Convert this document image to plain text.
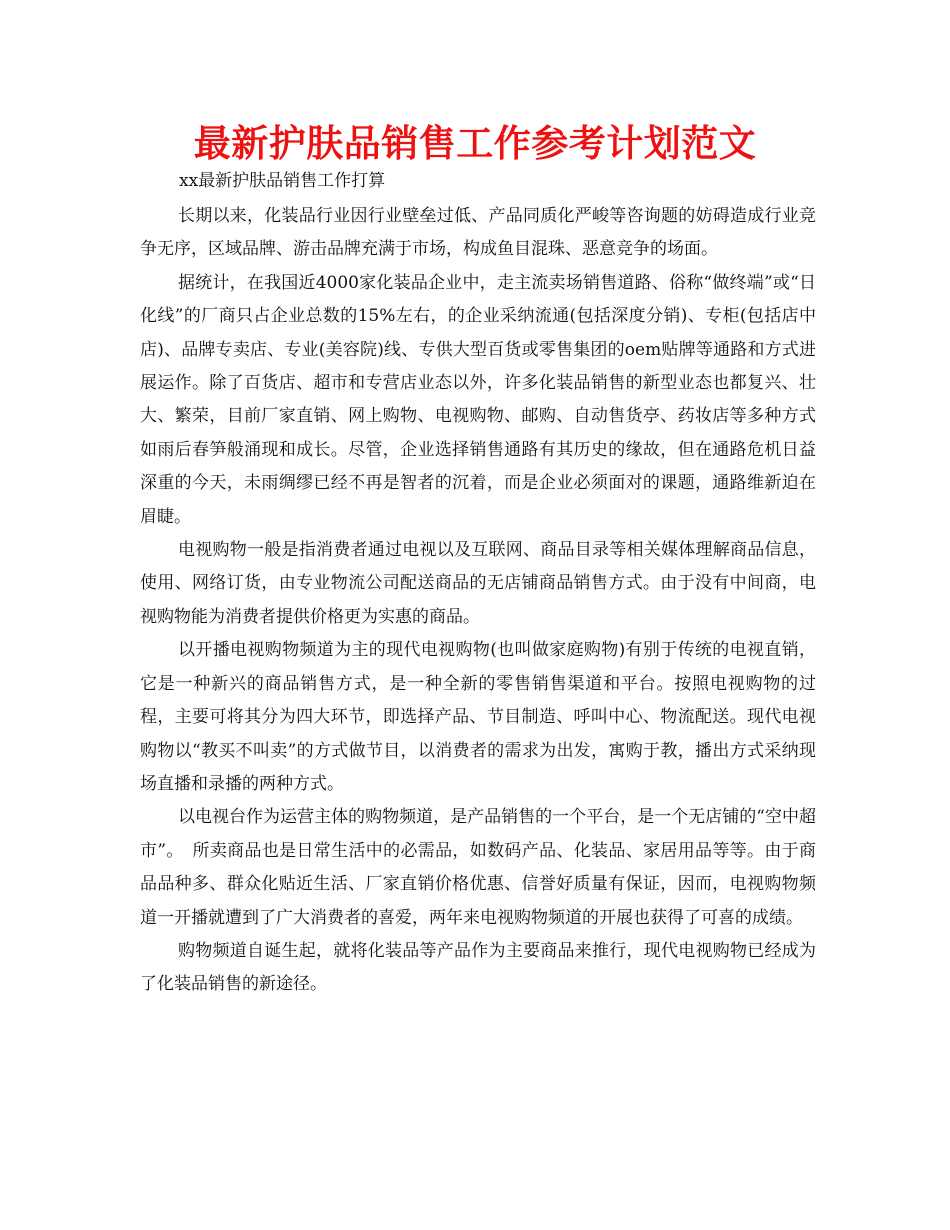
最新护肤品销售工作参考计划范文
xx最新护肤品销售工作打算

长期以来，化装品行业因行业壁垒过低、产品同质化严峻等咨询题的妨碍造成行业竞争无序，区域品牌、游击品牌充满于市场，构成鱼目混珠、恶意竞争的场面。

据统计，在我国近4000家化装品企业中，走主流卖场销售道路、俗称“做终端”或“日化线”的厂商只占企业总数的15%左右，的企业采纳流通(包括深度分销)、专柜(包括店中店)、品牌专卖店、专业(美容院)线、专供大型百货或零售集团的oem贴牌等通路和方式进展运作。除了百货店、超市和专营店业态以外，许多化装品销售的新型业态也都复兴、壮大、繁荣，目前厂家直销、网上购物、电视购物、邮购、自动售货亭、药妆店等多种方式如雨后春笋般涌现和成长。尽管，企业选择销售通路有其历史的缘故，但在通路危机日益深重的今天，未雨绸缪已经不再是智者的沉着，而是企业必须面对的课题，通路维新迫在眉睫。

电视购物一般是指消费者通过电视以及互联网、商品目录等相关媒体理解商品信息，使用、网络订货，由专业物流公司配送商品的无店铺商品销售方式。由于没有中间商，电视购物能为消费者提供价格更为实惠的商品。

以开播电视购物频道为主的现代电视购物(也叫做家庭购物)有别于传统的电视直销，它是一种新兴的商品销售方式，是一种全新的零售销售渠道和平台。按照电视购物的过程，主要可将其分为四大环节，即选择产品、节目制造、呼叫中心、物流配送。现代电视购物以“教买不叫卖”的方式做节目，以消费者的需求为出发，寓购于教，播出方式采纳现场直播和录播的两种方式。

以电视台作为运营主体的购物频道，是产品销售的一个平台，是一个无店铺的“空中超市”。　所卖商品也是日常生活中的必需品，如数码产品、化装品、家居用品等等。由于商品品种多、群众化贴近生活、厂家直销价格优惠、信誉好质量有保证，因而，电视购物频道一开播就遭到了广大消费者的喜爱，两年来电视购物频道的开展也获得了可喜的成绩。

购物频道自诞生起，就将化装品等产品作为主要商品来推行，现代电视购物已经成为了化装品销售的新途径。
